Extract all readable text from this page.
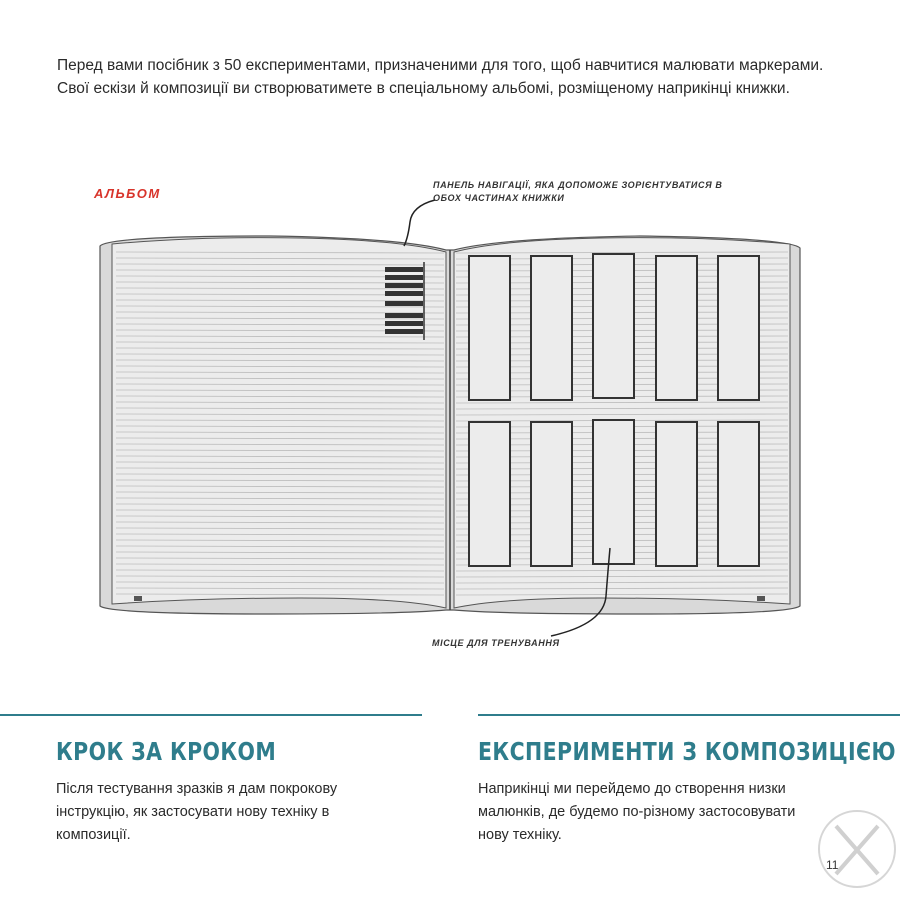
Перед вами посібник з 50 експериментами, призначеними для того, щоб навчитися малювати маркерами. Свої ескізи й композиції ви створюватимете в спеціальному альбомі, розміщеному наприкінці книжки.
АЛЬБОМ
ПАНЕЛЬ НАВІГАЦІЇ, ЯКА ДОПОМОЖЕ ЗОРІЄНТУВАТИСЯ В ОБОХ ЧАСТИНАХ КНИЖКИ
МІСЦЕ ДЛЯ ТРЕНУВАННЯ
КРОК ЗА КРОКОМ
Після тестування зразків я дам покрокову інструкцію, як застосувати нову техніку в композиції.
ЕКСПЕРИМЕНТИ З КОМПОЗИЦІЄЮ
Наприкінці ми перейдемо до створення низки малюнків, де будемо по-різному застосовувати нову техніку.
11
